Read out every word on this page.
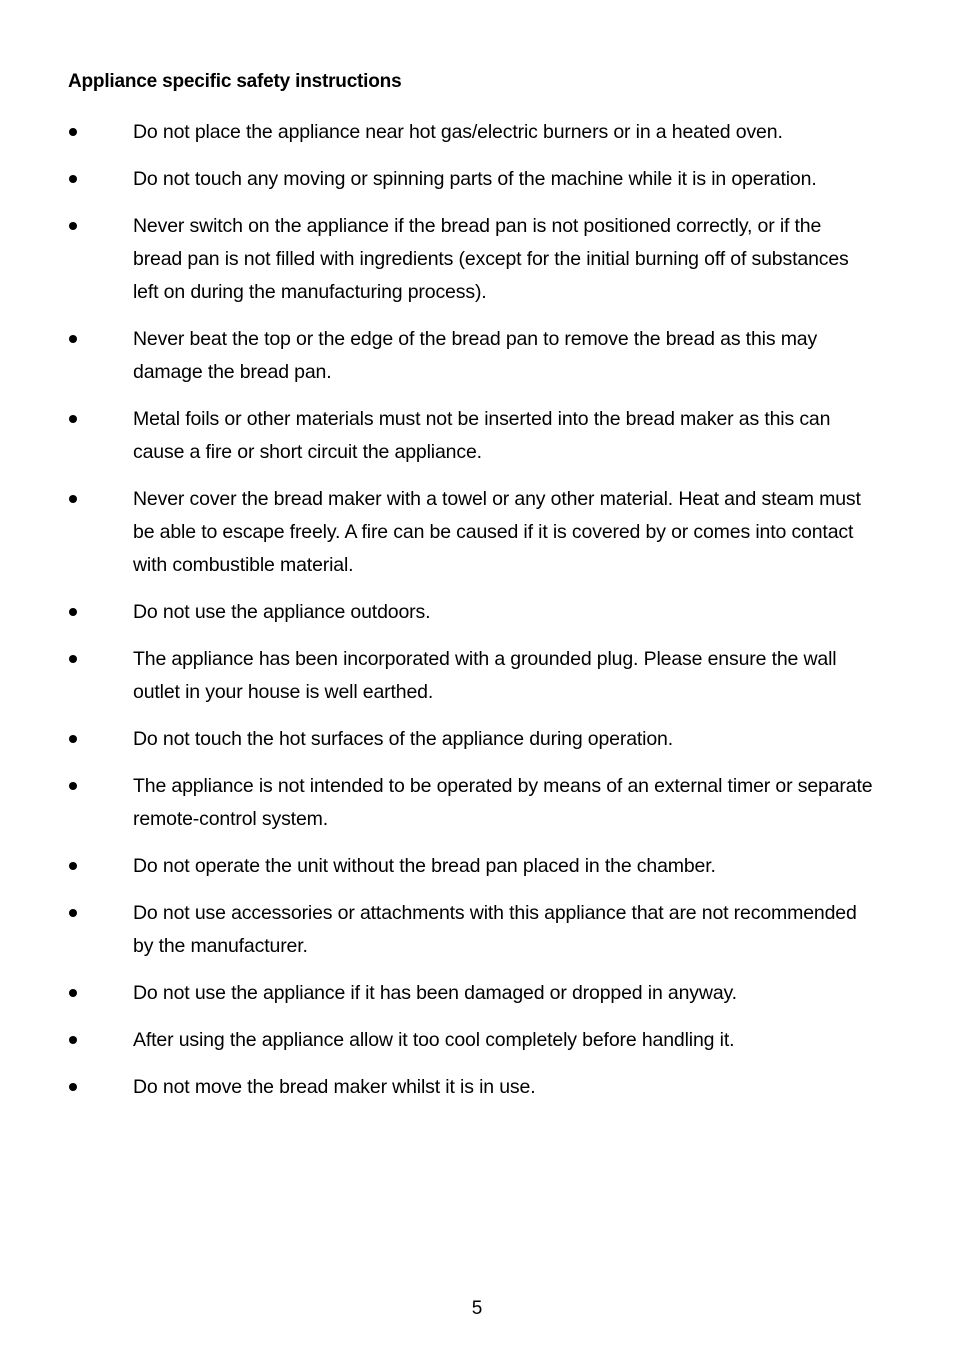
Appliance specific safety instructions
Do not place the appliance near hot gas/electric burners or in a heated oven.
Do not touch any moving or spinning parts of the machine while it is in operation.
Never switch on the appliance if the bread pan is not positioned correctly, or if the bread pan is not filled with ingredients (except for the initial burning off of substances left on during the manufacturing process).
Never beat the top or the edge of the bread pan to remove the bread as this may damage the bread pan.
Metal foils or other materials must not be inserted into the bread maker as this can cause a fire or short circuit the appliance.
Never cover the bread maker with a towel or any other material. Heat and steam must be able to escape freely. A fire can be caused if it is covered by or comes into contact with combustible material.
Do not use the appliance outdoors.
The appliance has been incorporated with a grounded plug. Please ensure the wall outlet in your house is well earthed.
Do not touch the hot surfaces of the appliance during operation.
The appliance is not intended to be operated by means of an external timer or separate remote-control system.
Do not operate the unit without the bread pan placed in the chamber.
Do not use accessories or attachments with this appliance that are not recommended by the manufacturer.
Do not use the appliance if it has been damaged or dropped in anyway.
After using the appliance allow it too cool completely before handling it.
Do not move the bread maker whilst it is in use.
5
